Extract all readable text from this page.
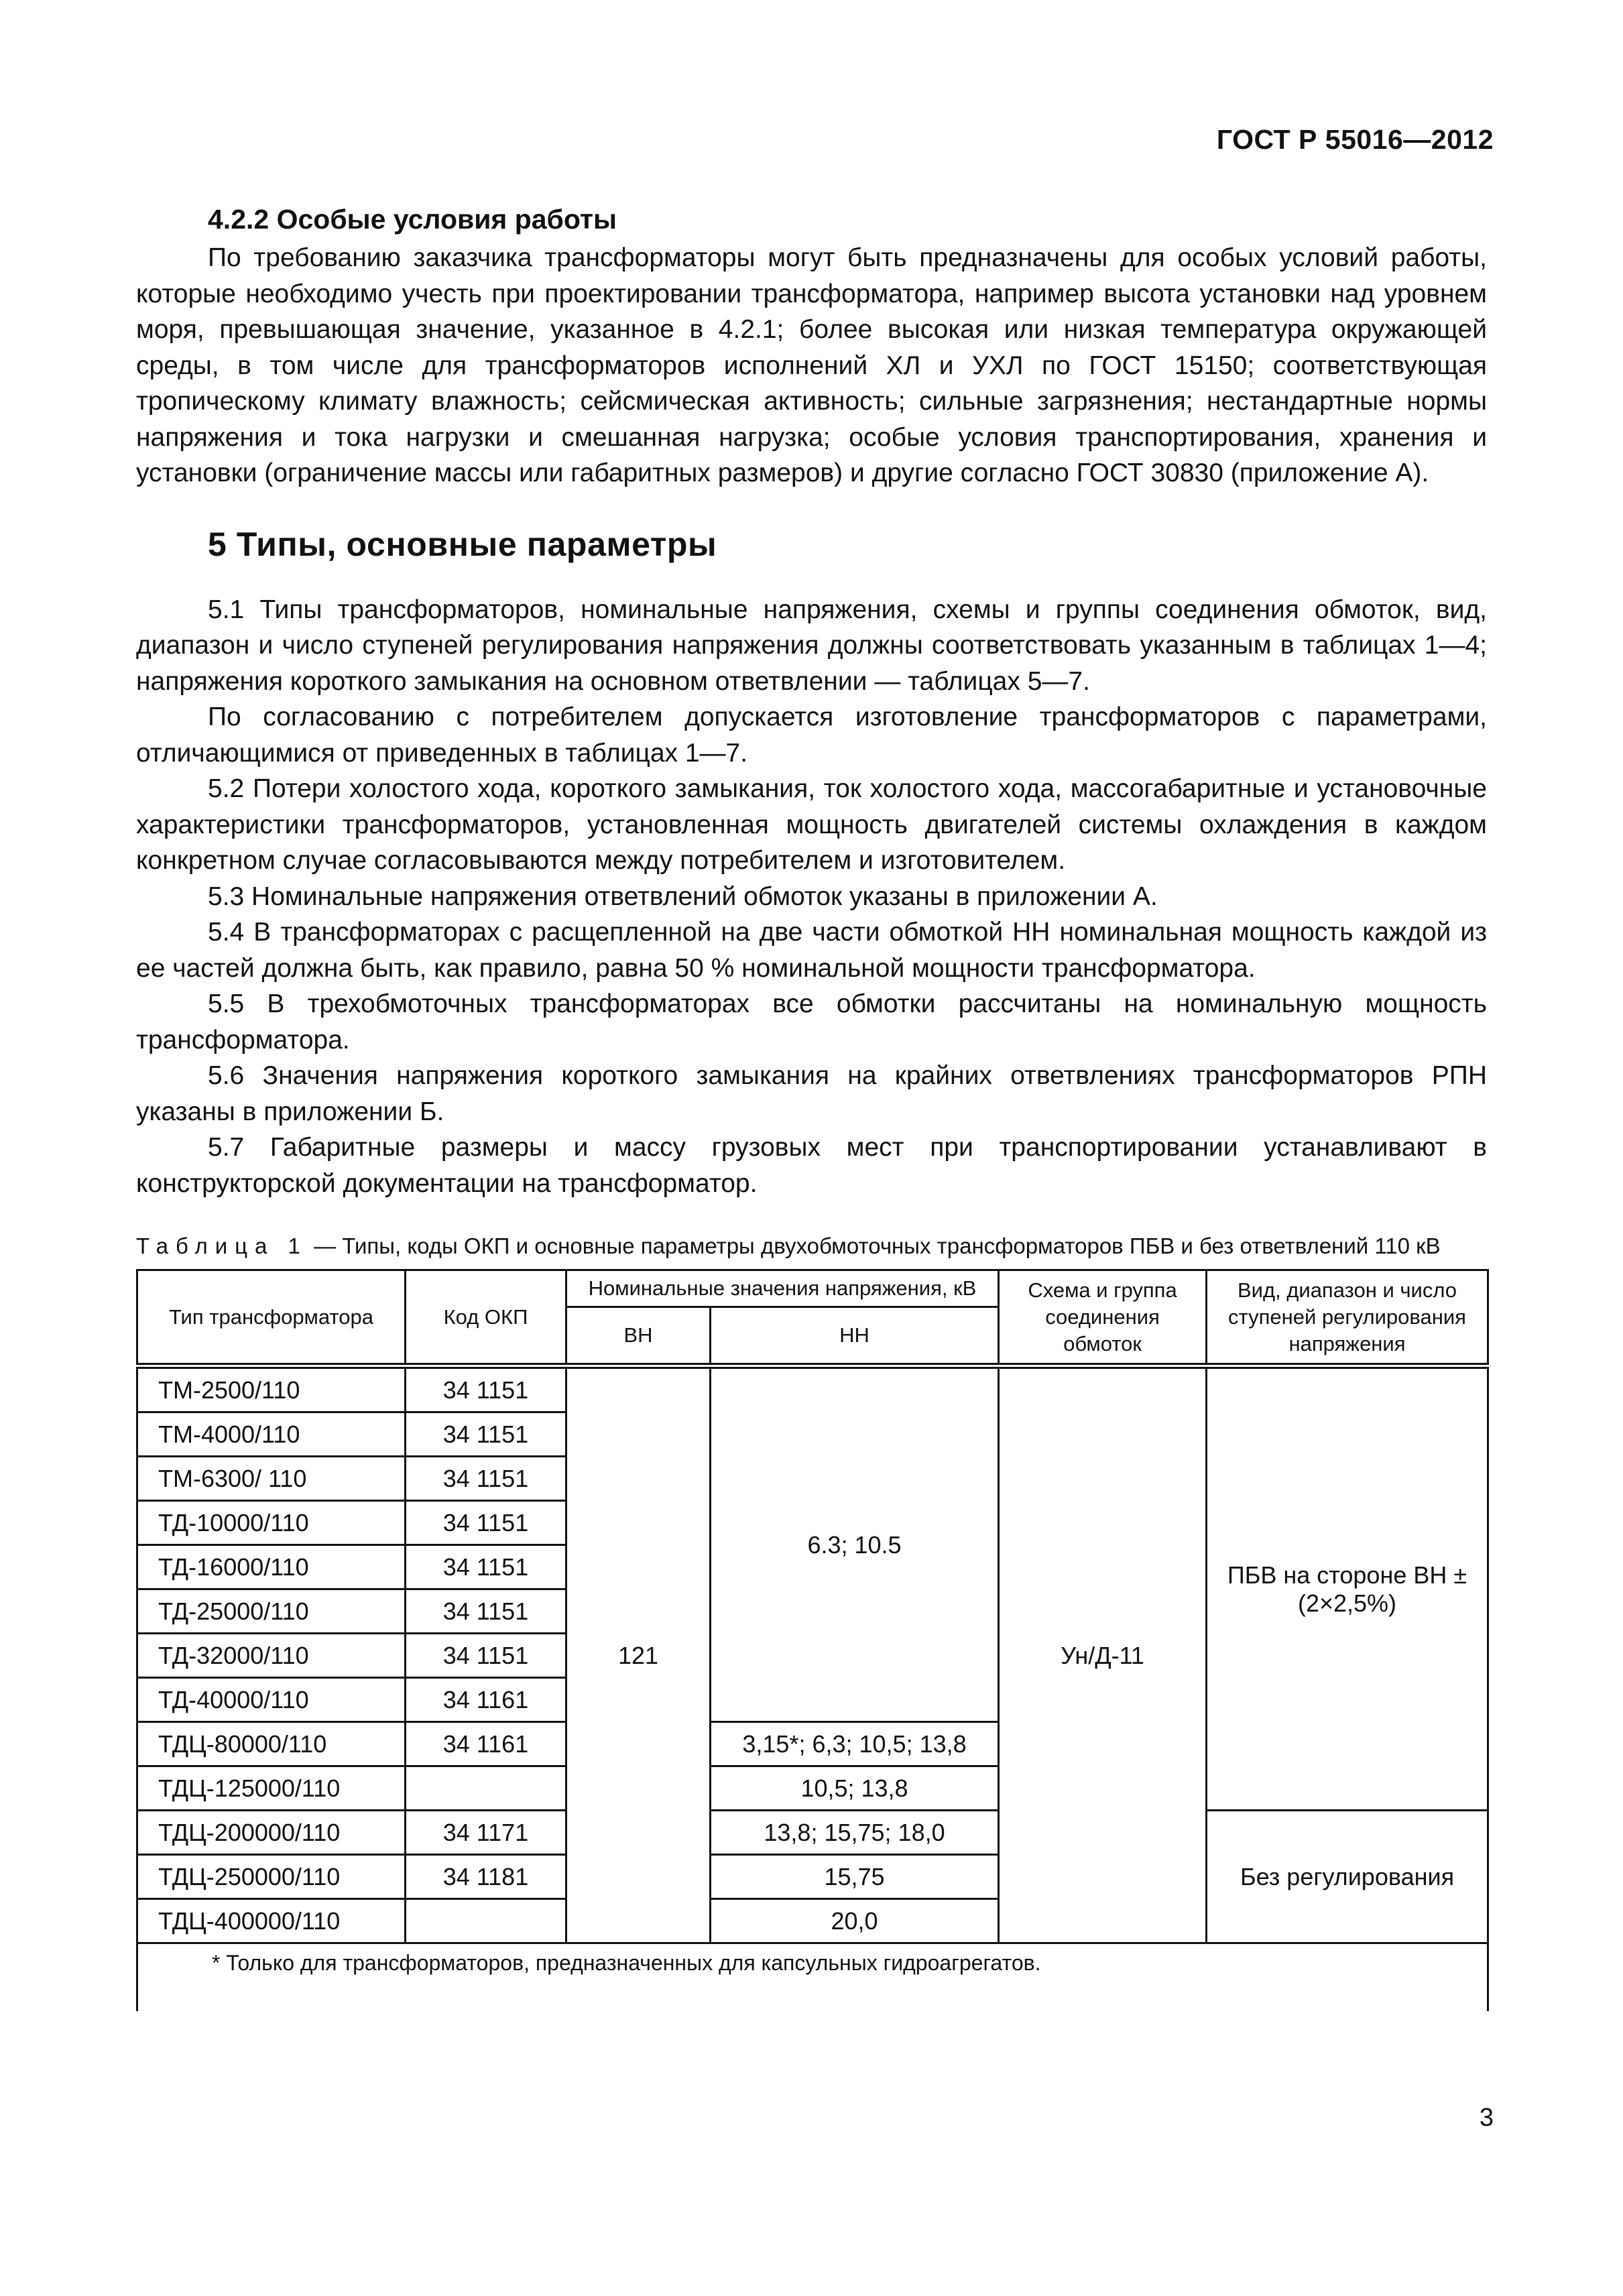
ГОСТ Р 55016—2012
4.2.2 Особые условия работы

По требованию заказчика трансформаторы могут быть предназначены для особых условий работы, которые необходимо учесть при проектировании трансформатора, например высота установки над уровнем моря, превышающая значение, указанное в 4.2.1; более высокая или низкая температура окружающей среды, в том числе для трансформаторов исполнений ХЛ и УХЛ по ГОСТ 15150; соответствующая тропическому климату влажность; сейсмическая активность; сильные загрязнения; нестандартные нормы напряжения и тока нагрузки и смешанная нагрузка; особые условия транспортирования, хранения и установки (ограничение массы или габаритных размеров) и другие согласно ГОСТ 30830 (приложение А).

5 Типы, основные параметры

5.1 Типы трансформаторов, номинальные напряжения, схемы и группы соединения обмоток, вид, диапазон и число ступеней регулирования напряжения должны соответствовать указанным в таблицах 1—4; напряжения короткого замыкания на основном ответвлении — таблицах 5—7.

По согласованию с потребителем допускается изготовление трансформаторов с параметрами, отличающимися от приведенных в таблицах 1—7.

5.2 Потери холостого хода, короткого замыкания, ток холостого хода, массогабаритные и установочные характеристики трансформаторов, установленная мощность двигателей системы охлаждения в каждом конкретном случае согласовываются между потребителем и изготовителем.

5.3 Номинальные напряжения ответвлений обмоток указаны в приложении А.

5.4 В трансформаторах с расщепленной на две части обмоткой НН номинальная мощность каждой из ее частей должна быть, как правило, равна 50 % номинальной мощности трансформатора.

5.5 В трехобмоточных трансформаторах все обмотки рассчитаны на номинальную мощность трансформатора.

5.6 Значения напряжения короткого замыкания на крайних ответвлениях трансформаторов РПН указаны в приложении Б.

5.7 Габаритные размеры и массу грузовых мест при транспортировании устанавливают в конструкторской документации на трансформатор.

Таблица 1 — Типы, коды ОКП и основные параметры двухобмоточных трансформаторов ПБВ и без ответвлений 110 кВ
Тип трансформатора	Код ОКП	Номинальные значения напряжения, кВ		Схема и группа соединения обмоток	Вид, диапазон и число ступеней регулирования напряжения
		ВН	НН		
ТМ-2500/110	34 1151	121	6.3; 10.5	Ун/Д-11	ПБВ на стороне ВН ± (2×2,5%)
ТМ-4000/110	34 1151				
ТМ-6300/ 110	34 1151				
ТД-10000/110	34 1151				
ТД-16000/110	34 1151				
ТД-25000/110	34 1151				
ТД-32000/110	34 1151				
ТД-40000/110	34 1161				
ТДЦ-80000/110	34 1161		3,15*; 6,3; 10,5; 13,8		
ТДЦ-125000/110			10,5; 13,8		
ТДЦ-200000/110	34 1171		13,8; 15,75; 18,0		Без регулирования
ТДЦ-250000/110	34 1181		15,75		
ТДЦ-400000/110			20,0		
* Только для трансформаторов, предназначенных для капсульных гидроагрегатов.					
3
